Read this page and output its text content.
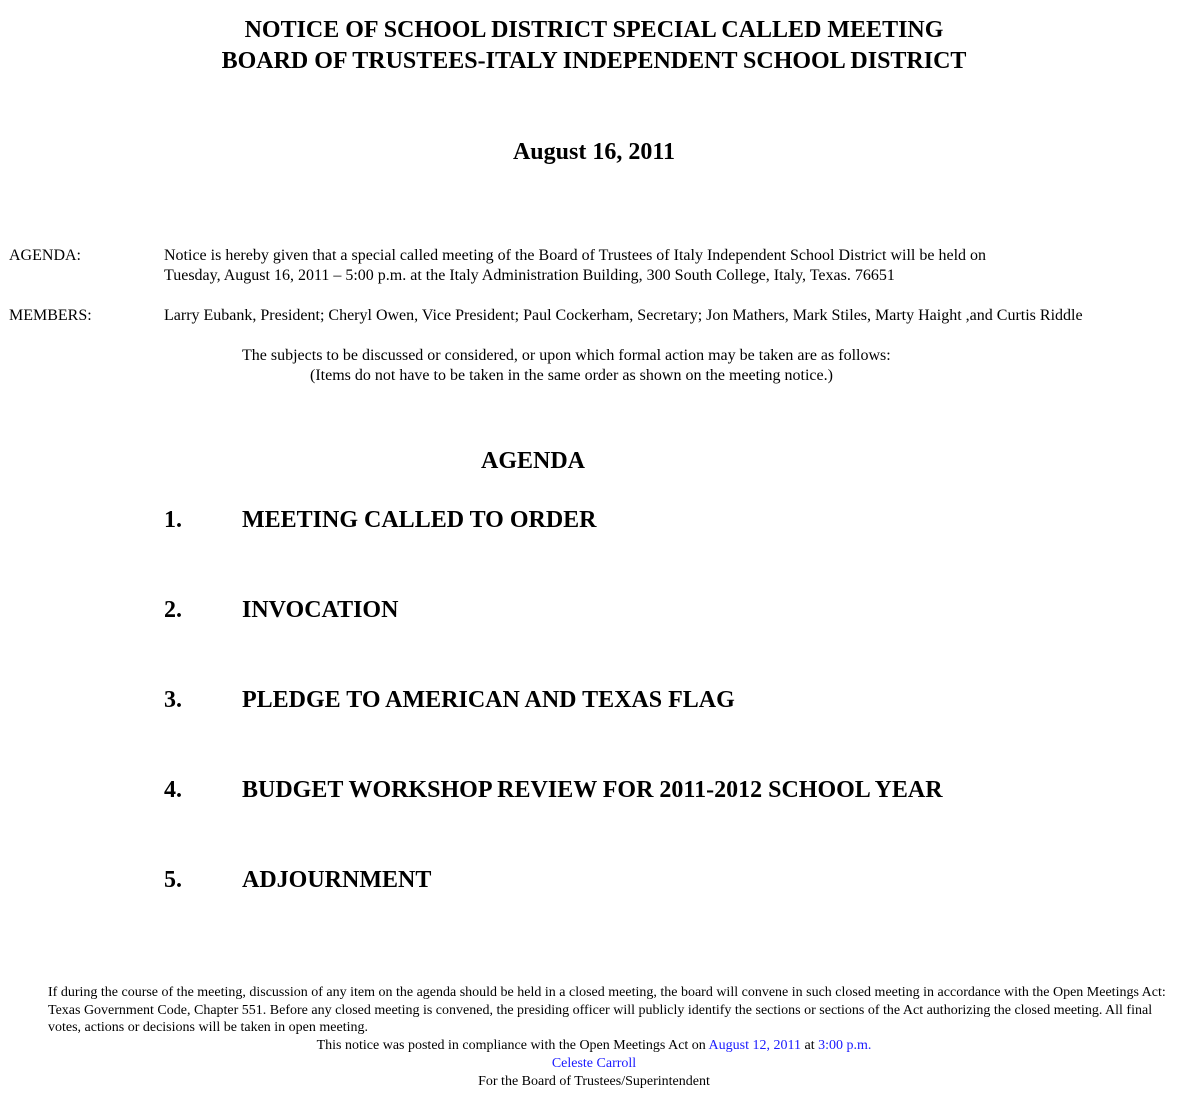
NOTICE OF SCHOOL DISTRICT SPECIAL CALLED MEETING
BOARD OF TRUSTEES-ITALY INDEPENDENT SCHOOL DISTRICT
August 16, 2011
AGENDA:	Notice is hereby given that a special called meeting of the Board of Trustees of Italy Independent School District will be held on
Tuesday, August 16, 2011 – 5:00 p.m. at the Italy Administration Building, 300 South College, Italy, Texas. 76651
MEMBERS:	Larry Eubank, President; Cheryl Owen, Vice President; Paul Cockerham, Secretary; Jon Mathers, Mark Stiles, Marty Haight ,and Curtis Riddle
The subjects to be discussed or considered, or upon which formal action may be taken are as follows:
(Items do not have to be taken in the same order as shown on the meeting notice.)
AGENDA
1.	MEETING CALLED TO ORDER
2.	INVOCATION
3.	PLEDGE TO AMERICAN AND TEXAS FLAG
4.	BUDGET WORKSHOP REVIEW FOR 2011-2012 SCHOOL YEAR
5.	ADJOURNMENT
If during the course of the meeting, discussion of any item on the agenda should be held in a closed meeting, the board will convene in such closed meeting in accordance with the Open Meetings Act: Texas Government Code, Chapter 551. Before any closed meeting is convened, the presiding officer will publicly identify the sections or sections of the Act authorizing the closed meeting. All final votes, actions or decisions will be taken in open meeting.
This notice was posted in compliance with the Open Meetings Act on August 12, 2011 at 3:00 p.m.
Celeste Carroll
For the Board of Trustees/Superintendent
